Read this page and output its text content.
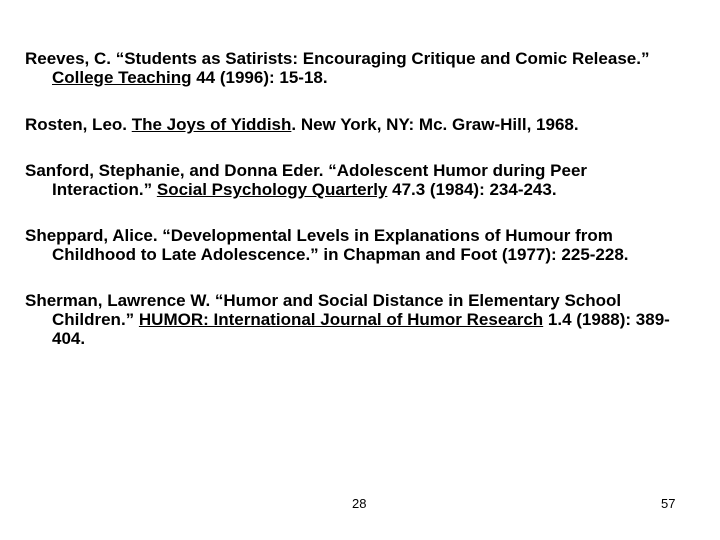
Reeves, C. “Students as Satirists: Encouraging Critique and Comic Release.” College Teaching 44 (1996): 15-18.

Rosten, Leo. The Joys of Yiddish. New York, NY: Mc. Graw-Hill, 1968.

Sanford, Stephanie, and Donna Eder. “Adolescent Humor during Peer Interaction.” Social Psychology Quarterly 47.3 (1984): 234-243.

Sheppard, Alice. “Developmental Levels in Explanations of Humour from Childhood to Late Adolescence.” in Chapman and Foot (1977): 225-228.

Sherman, Lawrence W. “Humor and Social Distance in Elementary School Children.” HUMOR: International Journal of Humor Research 1.4 (1988): 389-404.

28	57
